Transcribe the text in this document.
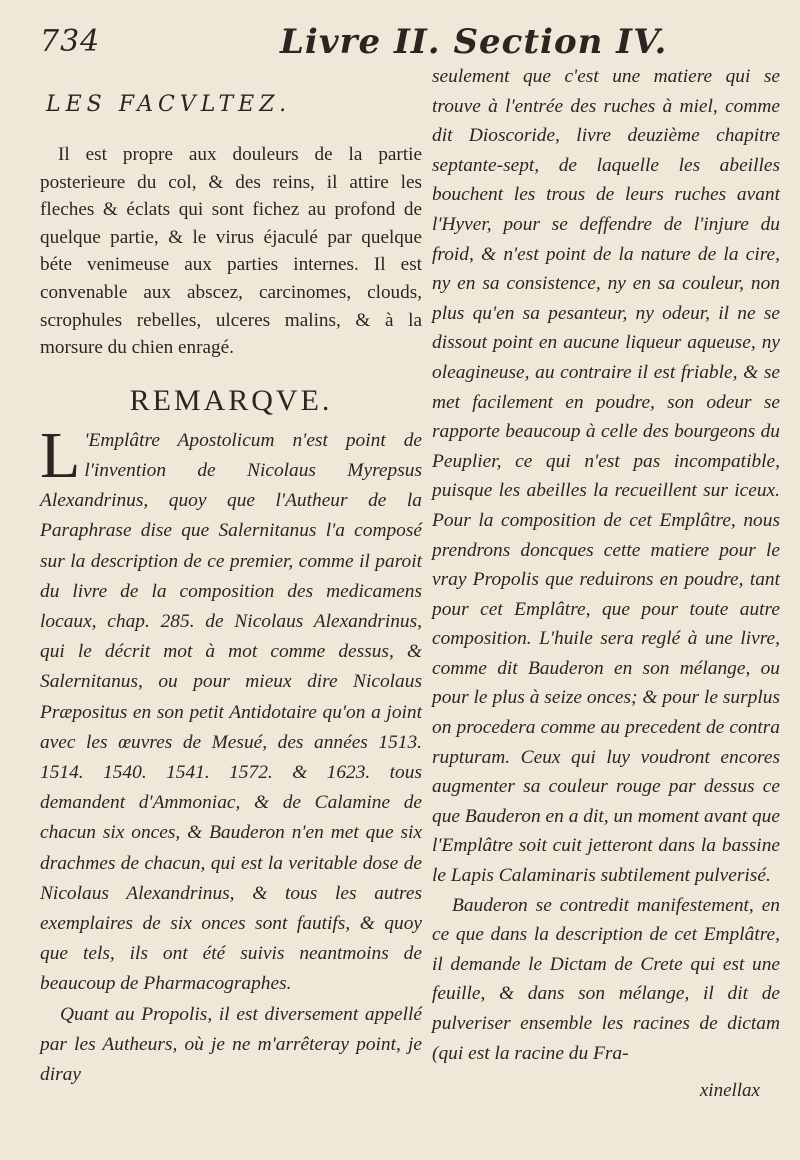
734	Livre II. Section IV.
LES FACVLTEZ.

Il est propre aux douleurs de la partie posterieure du col, & des reins, il attire les fleches & éclats qui sont fichez au profond de quelque partie, & le virus éjaculé par quelque béte venimeuse aux parties internes. Il est convenable aux abscez, carcinomes, clouds, scrophules rebelles, ulceres malins, & à la morsure du chien enragé.

REMARQVE.

L 'Emplâtre Apostolicum n'est point de l'invention de Nicolaus Myrepsus Alexandrinus, quoy que l'Autheur de la Paraphrase dise que Salernitanus l'a composé sur la description de ce premier, comme il paroit du livre de la composition des medicamens locaux, chap. 285. de Nicolaus Alexandrinus, qui le décrit mot à mot comme dessus, & Salernitanus, ou pour mieux dire Nicolaus Præpositus en son petit Antidotaire qu'on a joint avec les œuvres de Mesué, des années 1513. 1514. 1540. 1541. 1572. & 1623. tous demandent d'Ammoniac, & de Calamine de chacun six onces, & Bauderon n'en met que six drachmes de chacun, qui est la veritable dose de Nicolaus Alexandrinus, & tous les autres exemplaires de six onces sont fautifs, & quoy que tels, ils ont été suivis neantmoins de beaucoup de Pharmacographes.

Quant au Propolis, il est diversement appellé par les Autheurs, où je ne m'arrêteray point, je diray

seulement que c'est une matiere qui se trouve à l'entrée des ruches à miel, comme dit Dioscoride, livre deuzième chapitre septante-sept, de laquelle les abeilles bouchent les trous de leurs ruches avant l'Hyver, pour se deffendre de l'injure du froid, & n'est point de la nature de la cire, ny en sa consistence, ny en sa couleur, non plus qu'en sa pesanteur, ny odeur, il ne se dissout point en aucune liqueur aqueuse, ny oleagineuse, au contraire il est friable, & se met facilement en poudre, son odeur se rapporte beaucoup à celle des bourgeons du Peuplier, ce qui n'est pas incompatible, puisque les abeilles la recueillent sur iceux. Pour la composition de cet Emplâtre, nous prendrons doncques cette matiere pour le vray Propolis que reduirons en poudre, tant pour cet Emplâtre, que pour toute autre composition. L'huile sera reglé à une livre, comme dit Bauderon en son mélange, ou pour le plus à seize onces; & pour le surplus on procedera comme au precedent de contra rupturam. Ceux qui luy voudront encores augmenter sa couleur rouge par dessus ce que Bauderon en a dit, un moment avant que l'Emplâtre soit cuit jetteront dans la bassine le Lapis Calaminaris subtilement pulverisé.

Bauderon se contredit manifestement, en ce que dans la description de cet Emplâtre, il demande le Dictam de Crete qui est une feuille, & dans son mélange, il dit de pulveriser ensemble les racines de dictam (qui est la racine du Fra-

xinellax
